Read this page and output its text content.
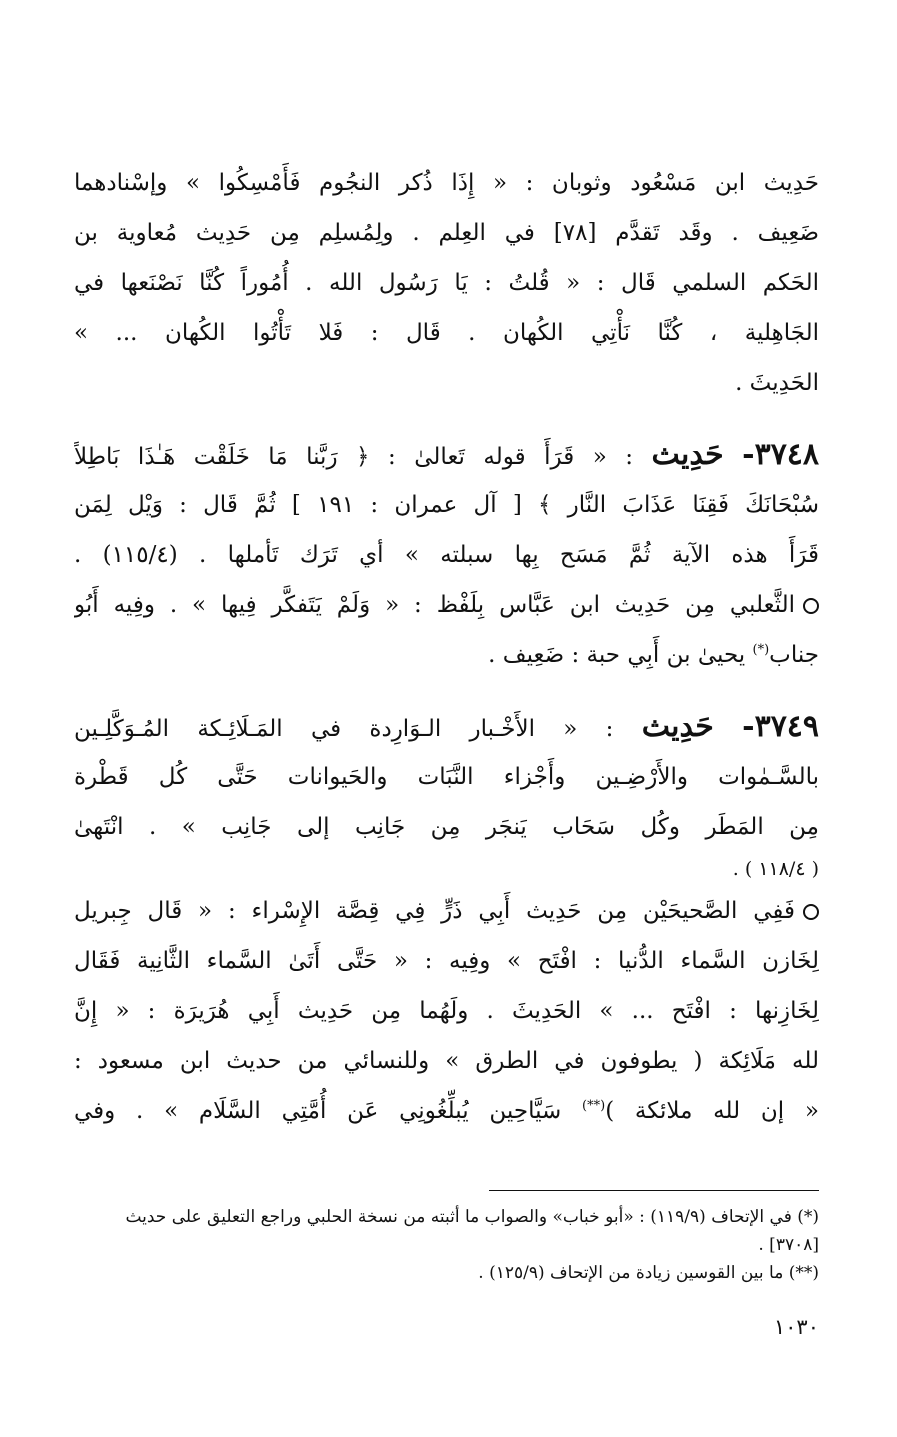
حَدِيث ابن مَسْعُود وثوبان : « إِذَا ذُكر النجُوم فَأَمْسِكُوا » وإسْنادهما
ضَعِيف . وقَد تَقدَّم [٧٨] في العِلم . ولِمُسلِم مِن حَدِيث مُعاوية بن
الحَكم السلمي قَال : « قُلتُ : يَا رَسُول الله . أُمُوراً كُنَّا نَصْنَعها في
الجَاهِلية ، كُنَّا نَأْتِي الكُهان . قَال : فَلا تَأْتُوا الكُهان ... »
الحَدِيثَ .
٣٧٤٨- حَدِيث : « قَرَأَ قوله تَعالىٰ : ﴿ رَبَّنا مَا خَلَقْت هَـٰذَا بَاطِلاً
سُبْحَانَكَ فَقِنَا عَذَابَ النَّار ﴾ [ آل عمران : ١٩١ ] ثُمَّ قَال : وَيْل لِمَن
قَرَأَ هذه الآية ثُمَّ مَسَح بِها سبلته » أي تَرَك تَأملها . (١١٥/٤) .
الثَّعلبي مِن حَدِيث ابن عَبَّاس بِلَفْظ : « وَلَمْ يَتَفكَّر فِيها » . وفِيه أَبُو
جناب(*) يحيىٰ بن أَبِي حبة : ضَعِيف .
٣٧٤٩- حَدِيث : « الأَخْـبار الـوَارِدة في المَـلَائِـكة المُـوَكَّلِـين
بالسَّـمٰوات والأَرْضِـين وأَجْزاء النَّبَات والحَيوانات حَتَّى كُل قَطْرة
مِن المَطَر وكُل سَحَاب يَنجَر مِن جَانِب إلى جَانِب » . انْتَهىٰ
( ١١٨/٤ ) .
فَفِي الصَّحيحَيْن مِن حَدِيث أَبِي ذَرٍّ فِي قِصَّة الإِسْراء : « قَال جِبريل
لِخَازن السَّماء الدُّنيا : افْتَح » وفِيه : « حَتَّى أَتَىٰ السَّماء الثَّانِية فَقَال
لِخَازِنها : افْتَح ... » الحَدِيثَ . ولَهُما مِن حَدِيث أَبِي هُرَيرَة : « إِنَّ
لله مَلَائِكة ( يطوفون في الطرق » وللنسائي من حديث ابن مسعود :
« إن لله ملائكة )(**) سَيَّاحِين يُبلِّغُونِي عَن أُمَّتِي السَّلَام » . وفي
(*) في الإتحاف (١١٩/٩) : «أبو خباب» والصواب ما أثبته من نسخة الحلبي وراجع التعليق على حديث
[٣٧٠٨] .
(**) ما بين القوسين زيادة من الإتحاف (١٢٥/٩) .
١٠٣٠
